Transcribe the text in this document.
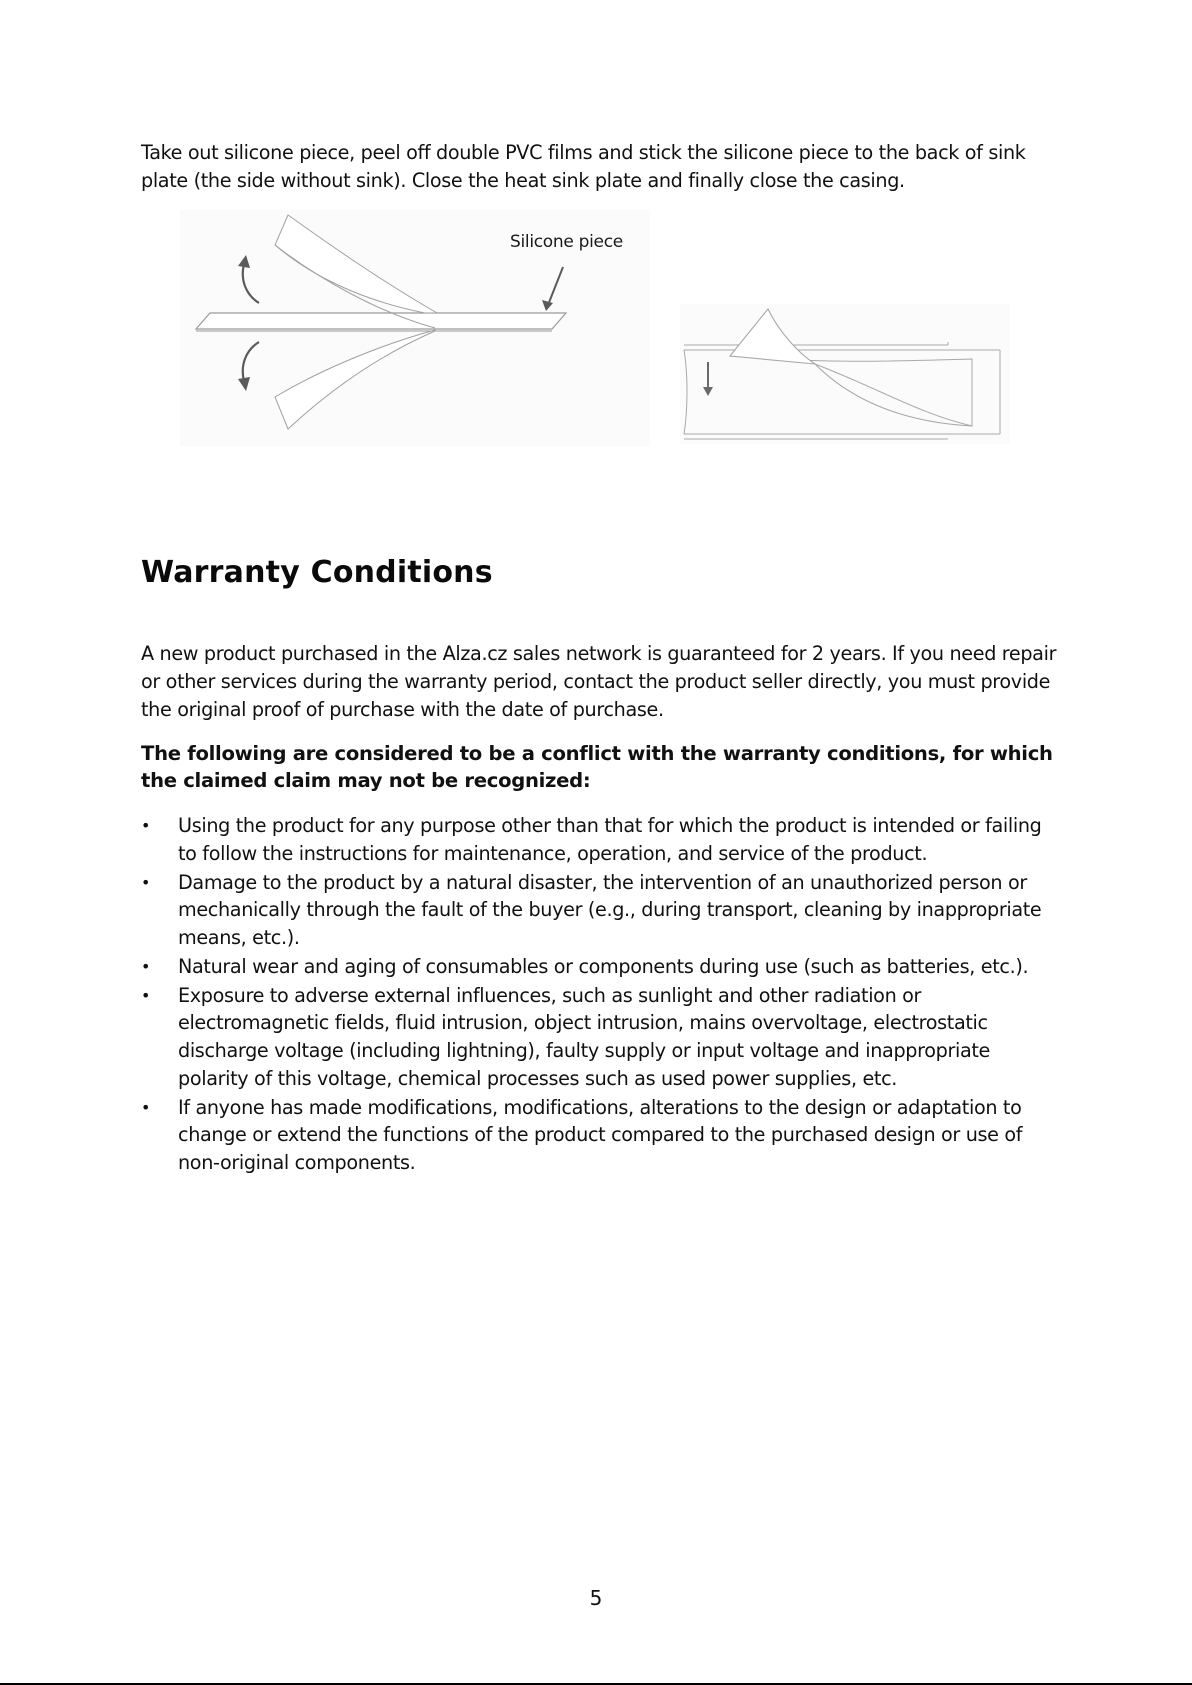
Take out silicone piece, peel off double PVC films and stick the silicone piece to the back of sink plate (the side without sink). Close the heat sink plate and finally close the casing.

Silicone piece
Warranty Conditions

A new product purchased in the Alza.cz sales network is guaranteed for 2 years. If you need repair or other services during the warranty period, contact the product seller directly, you must provide the original proof of purchase with the date of purchase.

The following are considered to be a conflict with the warranty conditions, for which the claimed claim may not be recognized:

• Using the product for any purpose other than that for which the product is intended or failing to follow the instructions for maintenance, operation, and service of the product.
• Damage to the product by a natural disaster, the intervention of an unauthorized person or mechanically through the fault of the buyer (e.g., during transport, cleaning by inappropriate means, etc.).
• Natural wear and aging of consumables or components during use (such as batteries, etc.).
• Exposure to adverse external influences, such as sunlight and other radiation or electromagnetic fields, fluid intrusion, object intrusion, mains overvoltage, electrostatic discharge voltage (including lightning), faulty supply or input voltage and inappropriate polarity of this voltage, chemical processes such as used power supplies, etc.
• If anyone has made modifications, modifications, alterations to the design or adaptation to change or extend the functions of the product compared to the purchased design or use of non-original components.
5
